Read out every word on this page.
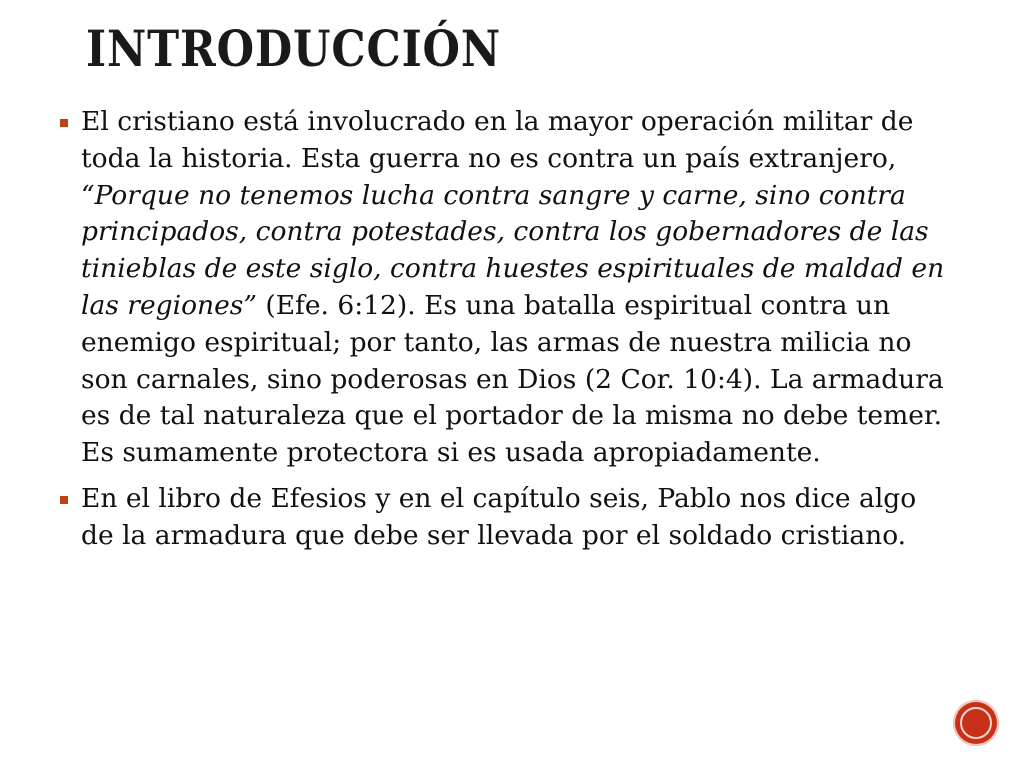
INTRODUCCIÓN
El cristiano está involucrado en la mayor operación militar de toda la historia. Esta guerra no es contra un país extranjero, “Porque no tenemos lucha contra sangre y carne, sino contra principados, contra potestades, contra los gobernadores de las tinieblas de este siglo, contra huestes espirituales de maldad en las regiones” (Efe. 6:12). Es una batalla espiritual contra un enemigo espiritual; por tanto, las armas de nuestra milicia no son carnales, sino poderosas en Dios (2 Cor. 10:4). La armadura es de tal naturaleza que el portador de la misma no debe temer. Es sumamente protectora si es usada apropiadamente.
En el libro de Efesios y en el capítulo seis, Pablo nos dice algo de la armadura que debe ser llevada por el soldado cristiano.
